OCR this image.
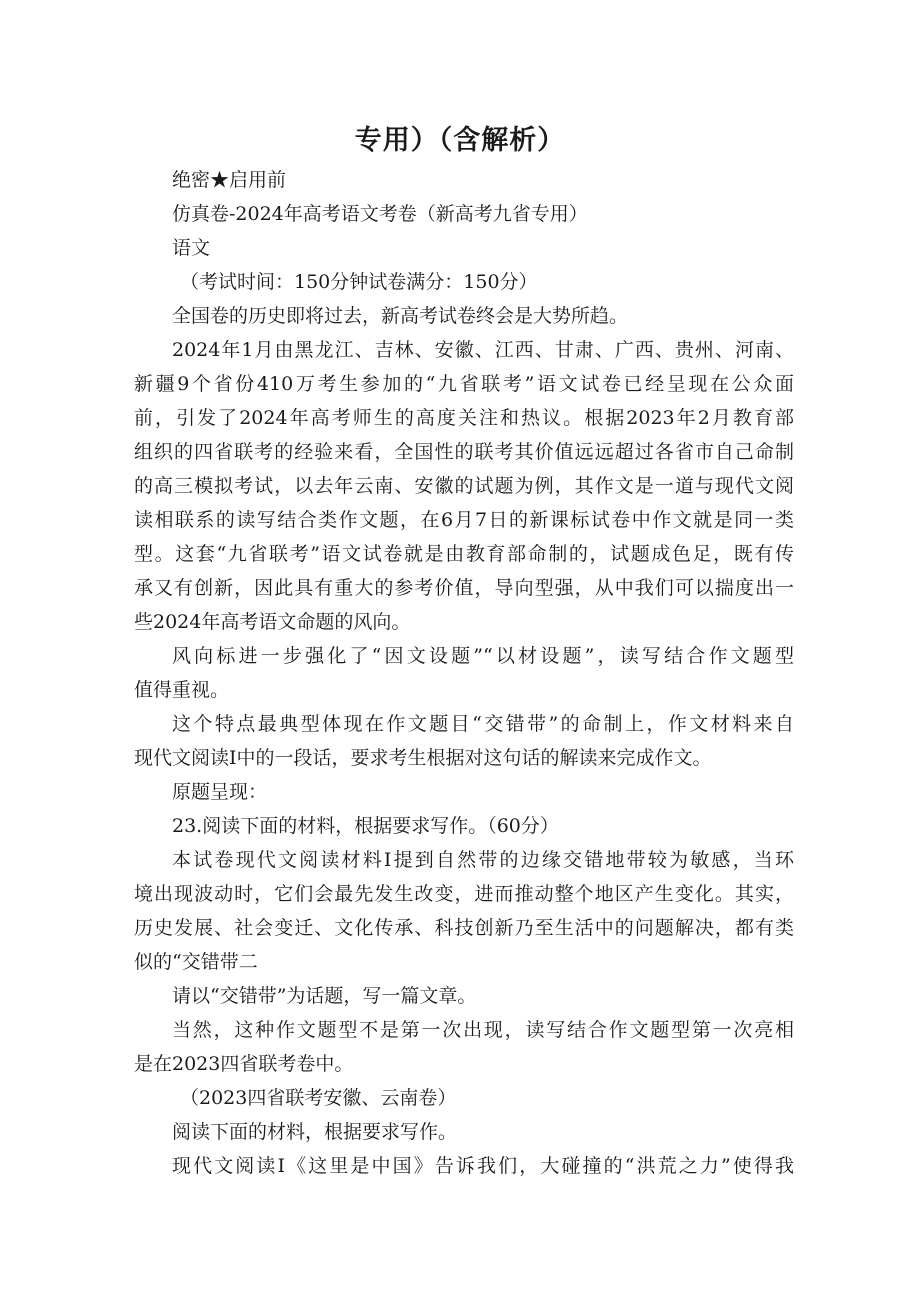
专用）（含解析）
绝密★启用前
仿真卷-2024年高考语文考卷（新高考九省专用）
语文
（考试时间：150分钟试卷满分：150分）
全国卷的历史即将过去，新高考试卷终会是大势所趋。
2024年1月由黑龙江、吉林、安徽、江西、甘肃、广西、贵州、河南、
新疆9个省份410万考生参加的“九省联考”语文试卷已经呈现在公众面
前，引发了2024年高考师生的高度关注和热议。根据2023年2月教育部
组织的四省联考的经验来看，全国性的联考其价值远远超过各省市自己命制
的高三模拟考试，以去年云南、安徽的试题为例，其作文是一道与现代文阅
读相联系的读写结合类作文题，在6月7日的新课标试卷中作文就是同一类
型。这套“九省联考”语文试卷就是由教育部命制的，试题成色足，既有传
承又有创新，因此具有重大的参考价值，导向型强，从中我们可以揣度出一
些2024年高考语文命题的风向。
风向标进一步强化了“因文设题”“以材设题”，读写结合作文题型
值得重视。
这个特点最典型体现在作文题目“交错带”的命制上，作文材料来自
现代文阅读Ⅰ中的一段话，要求考生根据对这句话的解读来完成作文。
原题呈现：
23.阅读下面的材料，根据要求写作。（60分）
本试卷现代文阅读材料Ⅰ提到自然带的边缘交错地带较为敏感，当环
境出现波动时，它们会最先发生改变，进而推动整个地区产生变化。其实，
历史发展、社会变迁、文化传承、科技创新乃至生活中的问题解决，都有类
似的“交错带二
请以“交错带”为话题，写一篇文章。
当然，这种作文题型不是第一次出现，读写结合作文题型第一次亮相
是在2023四省联考卷中。
（2023四省联考安徽、云南卷）
阅读下面的材料，根据要求写作。
现代文阅读Ⅰ《这里是中国》告诉我们，大碰撞的“洪荒之力”使得我
